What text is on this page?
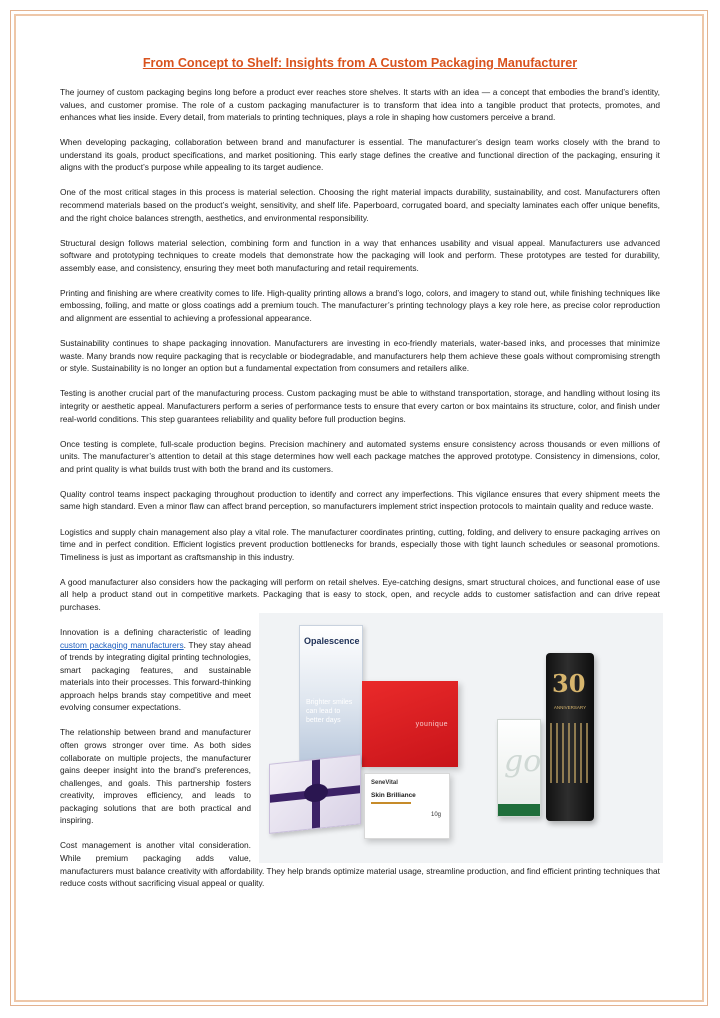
From Concept to Shelf: Insights from A Custom Packaging Manufacturer

The journey of custom packaging begins long before a product ever reaches store shelves. It starts with an idea — a concept that embodies the brand’s identity, values, and customer promise. The role of a custom packaging manufacturer is to transform that idea into a tangible product that protects, promotes, and enhances what lies inside. Every detail, from materials to printing techniques, plays a role in shaping how customers perceive a brand.

When developing packaging, collaboration between brand and manufacturer is essential. The manufacturer’s design team works closely with the brand to understand its goals, product specifications, and market positioning. This early stage defines the creative and functional direction of the packaging, ensuring it aligns with the product’s purpose while appealing to its target audience.

One of the most critical stages in this process is material selection. Choosing the right material impacts durability, sustainability, and cost. Manufacturers often recommend materials based on the product’s weight, sensitivity, and shelf life. Paperboard, corrugated board, and specialty laminates each offer unique benefits, and the right choice balances strength, aesthetics, and environmental responsibility.

Structural design follows material selection, combining form and function in a way that enhances usability and visual appeal. Manufacturers use advanced software and prototyping techniques to create models that demonstrate how the packaging will look and perform. These prototypes are tested for durability, assembly ease, and consistency, ensuring they meet both manufacturing and retail requirements.

Printing and finishing are where creativity comes to life. High-quality printing allows a brand’s logo, colors, and imagery to stand out, while finishing techniques like embossing, foiling, and matte or gloss coatings add a premium touch. The manufacturer’s printing technology plays a key role here, as precise color reproduction and alignment are essential to achieving a professional appearance.

Sustainability continues to shape packaging innovation. Manufacturers are investing in eco-friendly materials, water-based inks, and processes that minimize waste. Many brands now require packaging that is recyclable or biodegradable, and manufacturers help them achieve these goals without compromising strength or style. Sustainability is no longer an option but a fundamental expectation from consumers and retailers alike.

Testing is another crucial part of the manufacturing process. Custom packaging must be able to withstand transportation, storage, and handling without losing its integrity or aesthetic appeal. Manufacturers perform a series of performance tests to ensure that every carton or box maintains its structure, color, and finish under real-world conditions. This step guarantees reliability and quality before full production begins.

Once testing is complete, full-scale production begins. Precision machinery and automated systems ensure consistency across thousands or even millions of units. The manufacturer’s attention to detail at this stage determines how well each package matches the approved prototype. Consistency in dimensions, color, and print quality is what builds trust with both the brand and its customers.

Quality control teams inspect packaging throughout production to identify and correct any imperfections. This vigilance ensures that every shipment meets the same high standard. Even a minor flaw can affect brand perception, so manufacturers implement strict inspection protocols to maintain quality and reduce waste.

Logistics and supply chain management also play a vital role. The manufacturer coordinates printing, cutting, folding, and delivery to ensure packaging arrives on time and in perfect condition. Efficient logistics prevent production bottlenecks for brands, especially those with tight launch schedules or seasonal promotions. Timeliness is just as important as craftsmanship in this industry.

A good manufacturer also considers how the packaging will perform on retail shelves. Eye-catching designs, smart structural choices, and functional ease of use all help a product stand out in competitive markets. Packaging that is easy to stock, open, and recycle adds to customer satisfaction and can drive repeat purchases.

Opalescence
Brighter smiles can lead to better days
younique
SeneVital
Skin Brilliance
10g
go
30
ANNIVERSARY

Innovation is a defining characteristic of leading custom packaging manufacturers. They stay ahead of trends by integrating digital printing technologies, smart packaging features, and sustainable materials into their processes. This forward-thinking approach helps brands stay competitive and meet evolving consumer expectations.

The relationship between brand and manufacturer often grows stronger over time. As both sides collaborate on multiple projects, the manufacturer gains deeper insight into the brand’s preferences, challenges, and goals. This partnership fosters creativity, improves efficiency, and leads to packaging solutions that are both practical and inspiring.

Cost management is another vital consideration. While premium packaging adds value, manufacturers must balance creativity with affordability. They help brands optimize material usage, streamline production, and find efficient printing techniques that reduce costs without sacrificing visual appeal or quality.
